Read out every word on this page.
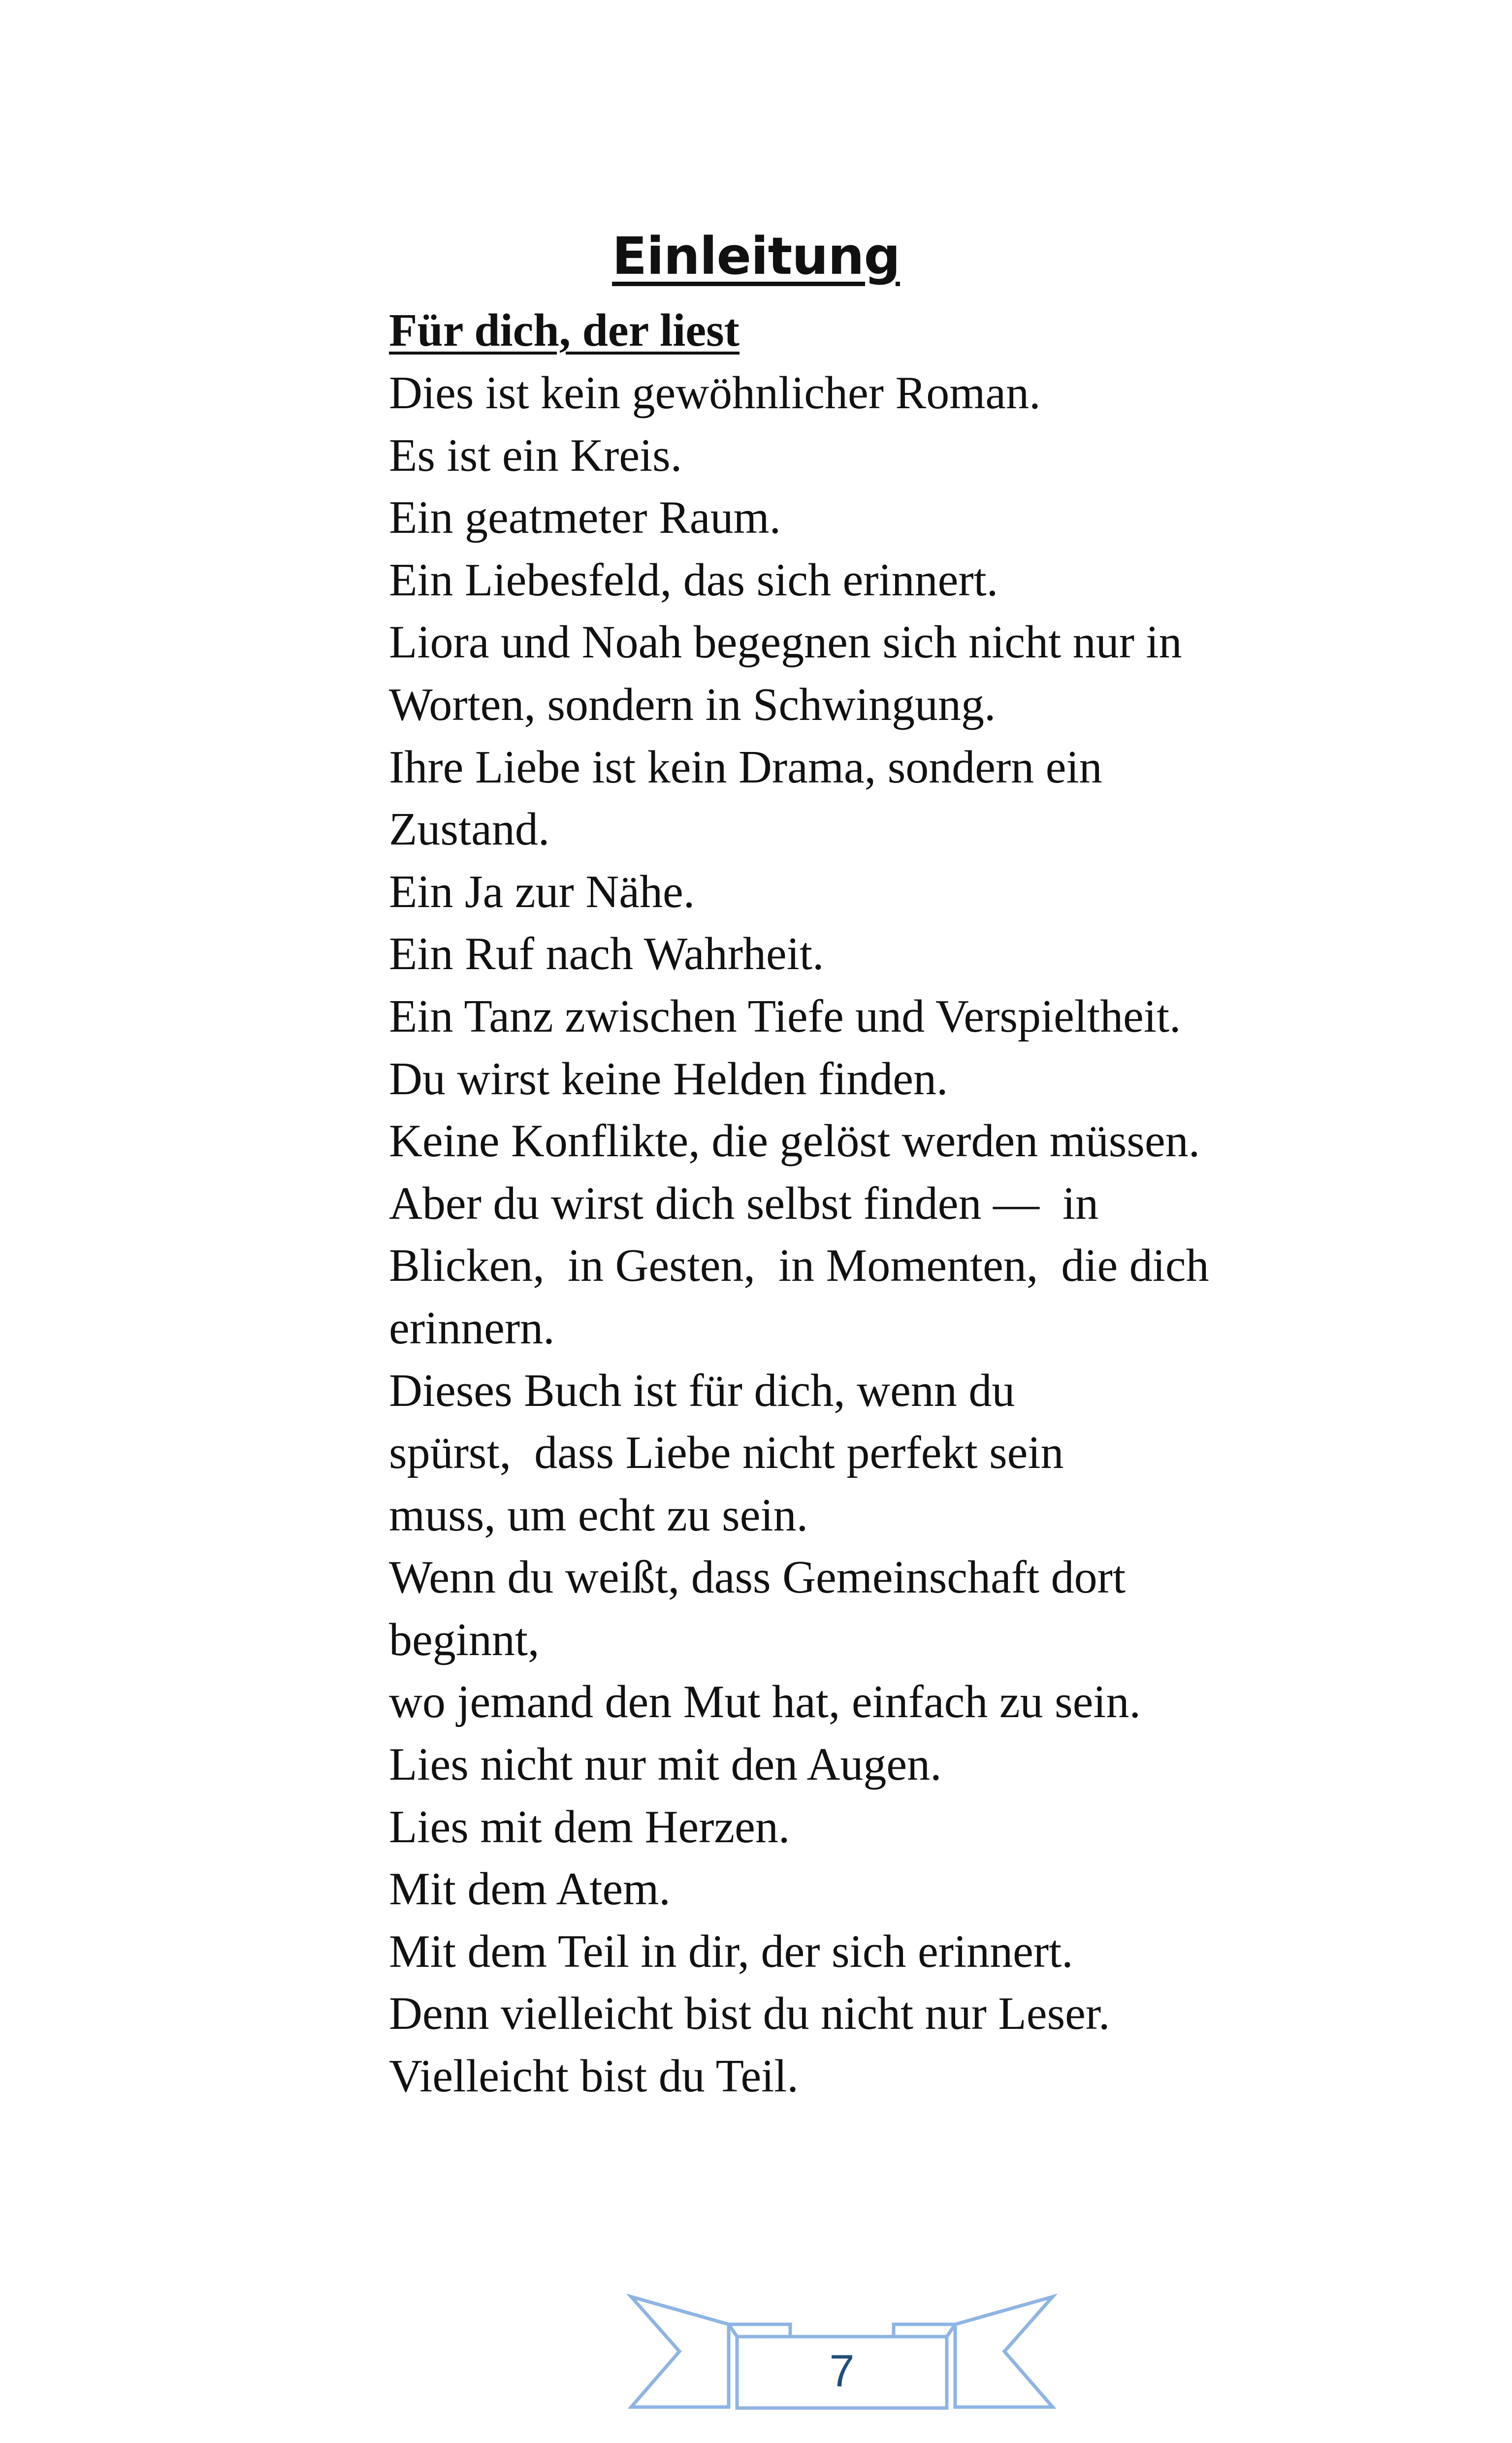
Einleitung
Für dich, der liest
Dies ist kein gewöhnlicher Roman.
Es ist ein Kreis.
Ein geatmeter Raum.
Ein Liebesfeld, das sich erinnert.
Liora und Noah begegnen sich nicht nur in
Worten, sondern in Schwingung.
Ihre Liebe ist kein Drama, sondern ein
Zustand.
Ein Ja zur Nähe.
Ein Ruf nach Wahrheit.
Ein Tanz zwischen Tiefe und Verspieltheit.
Du wirst keine Helden finden.
Keine Konflikte, die gelöst werden müssen.
Aber du wirst dich selbst finden —  in
Blicken,  in Gesten,  in Momenten,  die dich
erinnern.
Dieses Buch ist für dich, wenn du
spürst,  dass Liebe nicht perfekt sein
muss, um echt zu sein.
Wenn du weißt, dass Gemeinschaft dort
beginnt,
wo jemand den Mut hat, einfach zu sein.
Lies nicht nur mit den Augen.
Lies mit dem Herzen.
Mit dem Atem.
Mit dem Teil in dir, der sich erinnert.
Denn vielleicht bist du nicht nur Leser.
Vielleicht bist du Teil.
7
